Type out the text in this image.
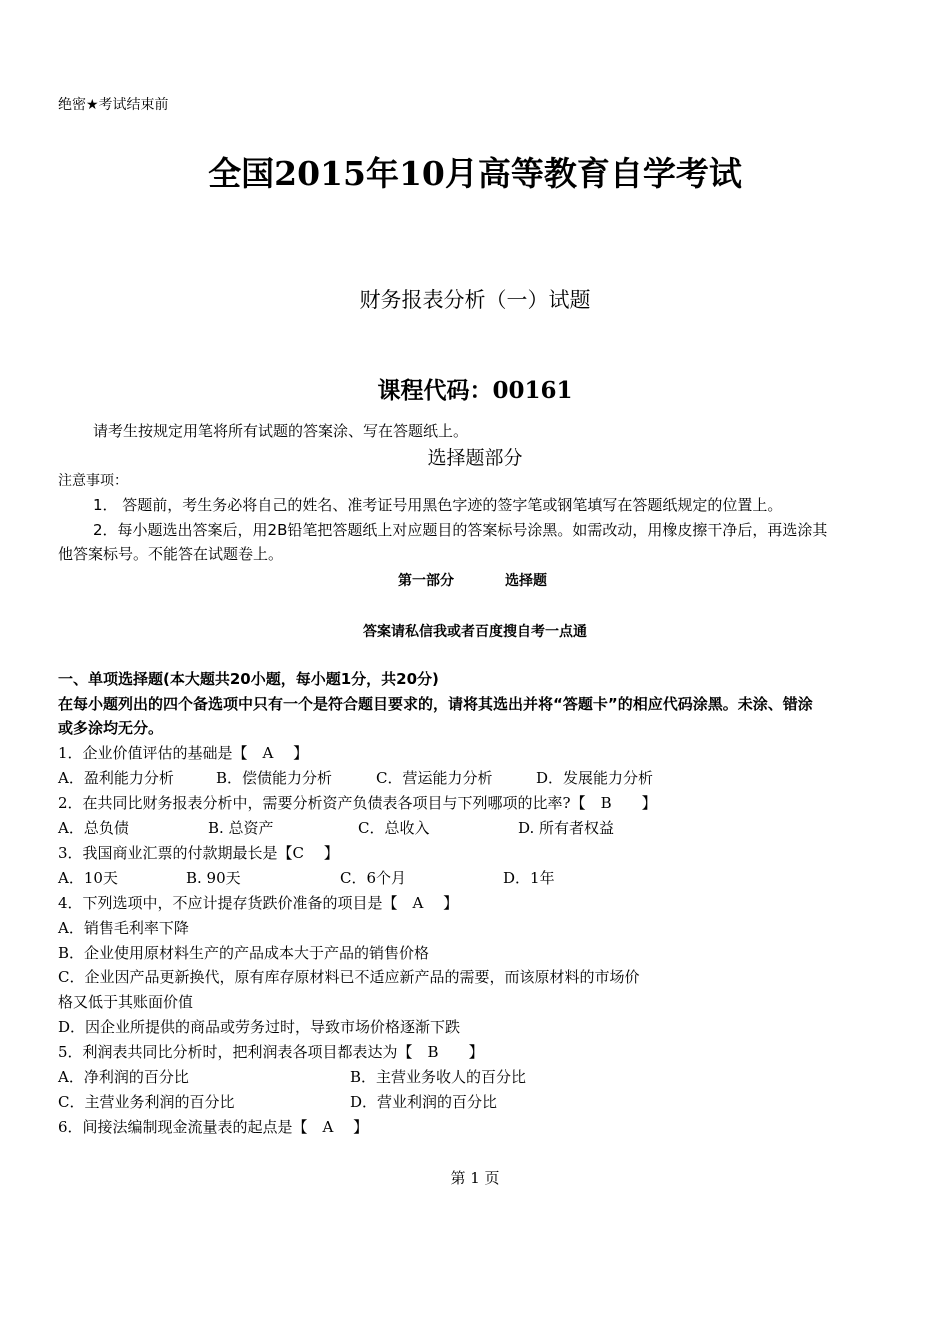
绝密★考试结束前
全国2015年10月高等教育自学考试
财务报表分析（一）试题
课程代码：00161
请考生按规定用笔将所有试题的答案涂、写在答题纸上。
选择题部分
注意事项：
1． 答题前，考生务必将自己的姓名、准考证号用黑色字迹的签字笔或钢笔填写在答题纸规定的位置上。
2．每小题选出答案后，用2B铅笔把答题纸上对应题目的答案标号涂黑。如需改动，用橡皮擦干净后，再选涂其
他答案标号。不能答在试题卷上。
第一部分	选择题
答案请私信我或者百度搜自考一点通
一、单项选择题(本大题共20小题，每小题1分，共20分)
在每小题列出的四个备选项中只有一个是符合题目要求的，请将其选出并将“答题卡”的相应代码涂黑。未涂、错涂
或多涂均无分。
1．企业价值评估的基础是【　A　 】
A．盈利能力分析	B．偿债能力分析	C．营运能力分析	D．发展能力分析
2．在共同比财务报表分析中，需要分析资产负债表各项目与下列哪项的比率?【　B　　】
A．总负债	B. 总资产	C．总收入	D. 所有者权益
3．我国商业汇票的付款期最长是【C　 】
A．10天	B. 90天	C．6个月	D．1年
4．下列选项中，不应计提存货跌价准备的项目是【　A　 】
A．销售毛利率下降
B．企业使用原材料生产的产品成本大于产品的销售价格
C．企业因产品更新换代，原有库存原材料已不适应新产品的需要，而该原材料的市场价
格又低于其账面价值
D．因企业所提供的商品或劳务过时，导致市场价格逐渐下跌
5．利润表共同比分析时，把利润表各项目都表达为【　B　　】
A．净利润的百分比	B．主营业务收人的百分比
C．主营业务利润的百分比	D．营业利润的百分比
6．间接法编制现金流量表的起点是【　A　 】
第 1 页
